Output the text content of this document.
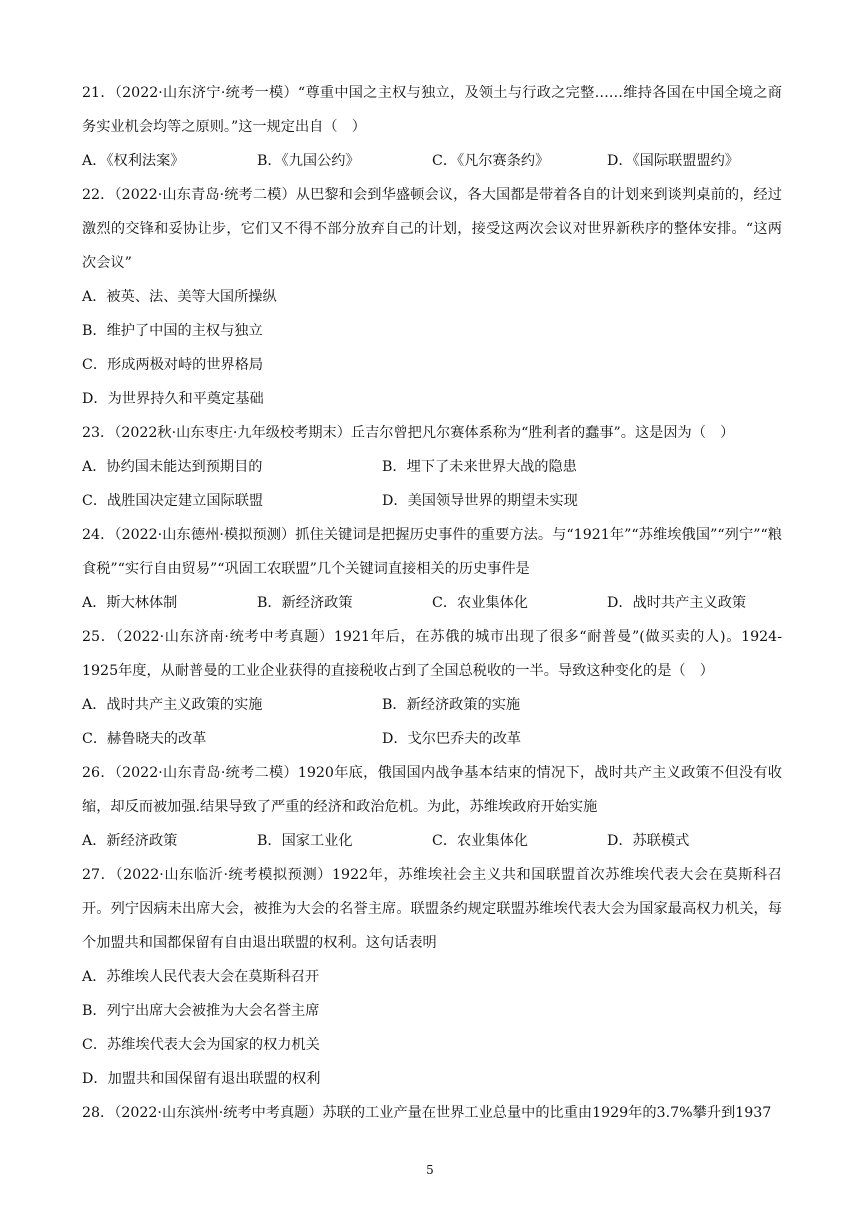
21．（2022·山东济宁·统考一模）“尊重中国之主权与独立，及领土与行政之完整……维持各国在中国全境之商务实业机会均等之原则。”这一规定出自（　）

A．《权利法案》	B．《九国公约》	C．《凡尔赛条约》	D．《国际联盟盟约》

22．（2022·山东青岛·统考二模）从巴黎和会到华盛顿会议，各大国都是带着各自的计划来到谈判桌前的，经过激烈的交锋和妥协让步，它们又不得不部分放弃自己的计划，接受这两次会议对世界新秩序的整体安排。“这两次会议”

A．被英、法、美等大国所操纵
B．维护了中国的主权与独立
C．形成两极对峙的世界格局
D．为世界持久和平奠定基础

23．（2022秋·山东枣庄·九年级校考期末）丘吉尔曾把凡尔赛体系称为“胜利者的蠢事”。这是因为（　）

A．协约国未能达到预期目的	B．埋下了未来世界大战的隐患
C．战胜国决定建立国际联盟	D．美国领导世界的期望未实现

24．（2022·山东德州·模拟预测）抓住关键词是把握历史事件的重要方法。与“1921年”“苏维埃俄国”“列宁”“粮食税”“实行自由贸易”“巩固工农联盟”几个关键词直接相关的历史事件是

A．斯大林体制	B．新经济政策	C．农业集体化	D．战时共产主义政策

25．（2022·山东济南·统考中考真题）1921年后，在苏俄的城市出现了很多“耐普曼”(做买卖的人)。1924-1925年度，从耐普曼的工业企业获得的直接税收占到了全国总税收的一半。导致这种变化的是（　）

A．战时共产主义政策的实施	B．新经济政策的实施
C．赫鲁晓夫的改革	D．戈尔巴乔夫的改革

26．（2022·山东青岛·统考二模）1920年底，俄国国内战争基本结束的情况下，战时共产主义政策不但没有收缩，却反而被加强.结果导致了严重的经济和政治危机。为此，苏维埃政府开始实施

A．新经济政策	B．国家工业化	C．农业集体化	D．苏联模式

27．（2022·山东临沂·统考模拟预测）1922年，苏维埃社会主义共和国联盟首次苏维埃代表大会在莫斯科召开。列宁因病未出席大会，被推为大会的名誉主席。联盟条约规定联盟苏维埃代表大会为国家最高权力机关，每个加盟共和国都保留有自由退出联盟的权利。这句话表明

A．苏维埃人民代表大会在莫斯科召开
B．列宁出席大会被推为大会名誉主席
C．苏维埃代表大会为国家的权力机关
D．加盟共和国保留有退出联盟的权利

28．（2022·山东滨州·统考中考真题）苏联的工业产量在世界工业总量中的比重由1929年的3.7%攀升到1937

5
